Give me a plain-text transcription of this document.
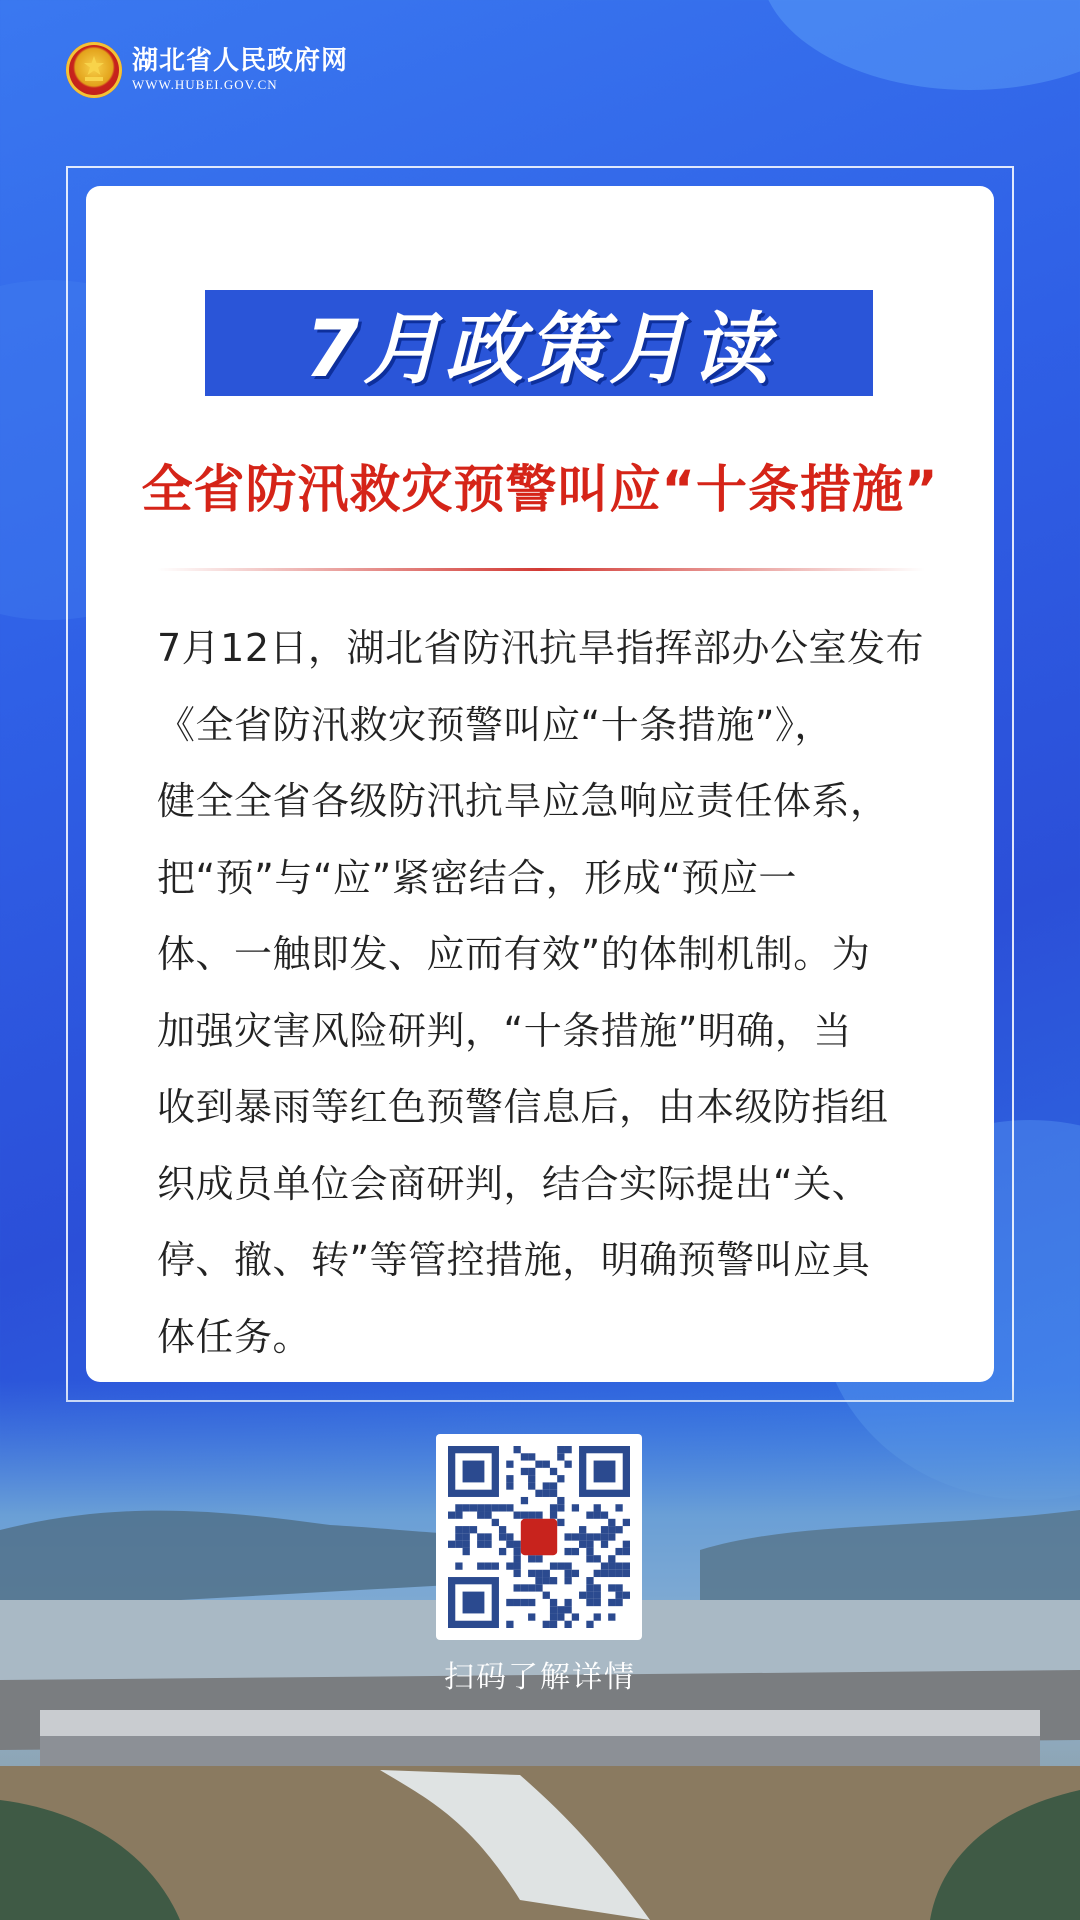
湖北省人民政府网
WWW.HUBEI.GOV.CN
7月政策月读
全省防汛救灾预警叫应“十条措施”
7月12日，湖北省防汛抗旱指挥部办公室发布
《全省防汛救灾预警叫应“十条措施”》，
健全全省各级防汛抗旱应急响应责任体系，
把“预”与“应”紧密结合，形成“预应一
体、一触即发、应而有效”的体制机制。为
加强灾害风险研判，“十条措施”明确，当
收到暴雨等红色预警信息后，由本级防指组
织成员单位会商研判，结合实际提出“关、
停、撤、转”等管控措施，明确预警叫应具
体任务。
扫码了解详情
